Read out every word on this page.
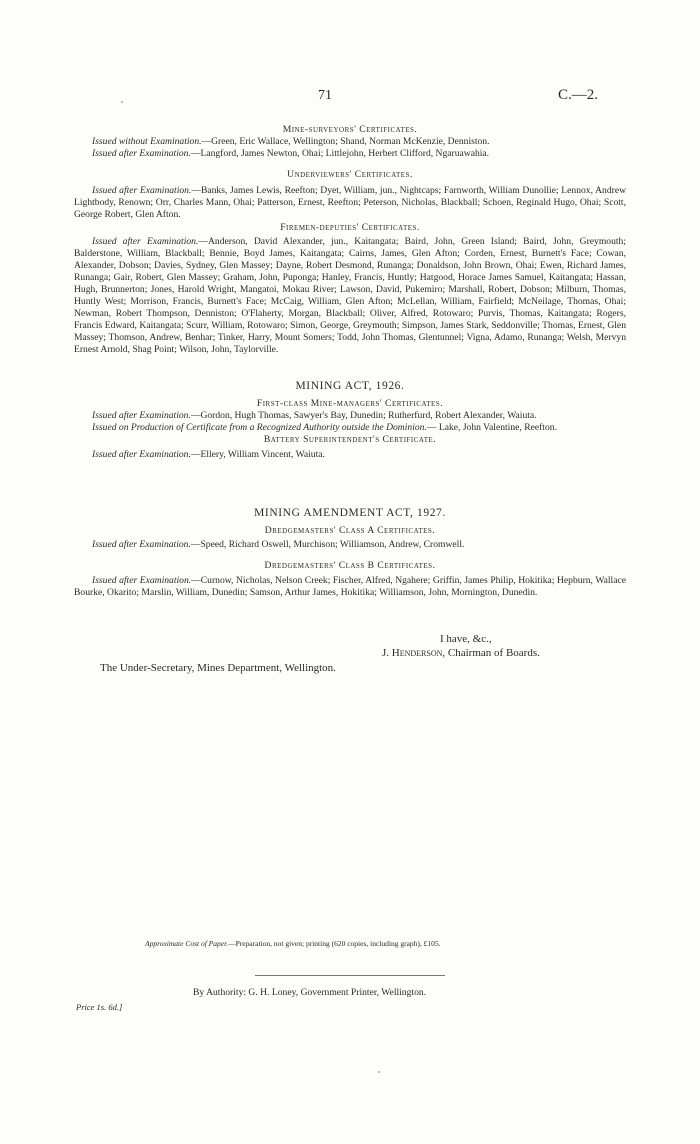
71	C.—2.

Mine-surveyors' Certificates.

Issued without Examination.—Green, Eric Wallace, Wellington; Shand, Norman McKenzie, Denniston.

Issued after Examination.—Langford, James Newton, Ohai; Littlejohn, Herbert Clifford, Ngaruawahia.

Underviewers' Certificates.

Issued after Examination.—Banks, James Lewis, Reefton; Dyet, William, jun., Nightcaps; Farnworth, William Dunollie; Lennox, Andrew Lightbody, Renown; Orr, Charles Mann, Ohai; Patterson, Ernest, Reefton; Peterson, Nicholas, Blackball; Schoen, Reginald Hugo, Ohai; Scott, George Robert, Glen Afton.

Firemen-deputies' Certificates.

Issued after Examination.—Anderson, David Alexander, jun., Kaitangata; Baird, John, Green Island; Baird, John, Greymouth; Balderstone, William, Blackball; Bennie, Boyd James, Kaitangata; Cairns, James, Glen Afton; Corden, Ernest, Burnett's Face; Cowan, Alexander, Dobson; Davies, Sydney, Glen Massey; Dayne, Robert Desmond, Runanga; Donaldson, John Brown, Ohai; Ewen, Richard James, Runanga; Gair, Robert, Glen Massey; Graham, John, Puponga; Hanley, Francis, Huntly; Hatgood, Horace James Samuel, Kaitangata; Hassan, Hugh, Brunnerton; Jones, Harold Wright, Mangatoi, Mokau River; Lawson, David, Pukemiro; Marshall, Robert, Dobson; Milburn, Thomas, Huntly West; Morrison, Francis, Burnett's Face; McCaig, William, Glen Afton; McLellan, William, Fairfield; McNeilage, Thomas, Ohai; Newman, Robert Thompson, Denniston; O'Flaherty, Morgan, Blackball; Oliver, Alfred, Rotowaro; Purvis, Thomas, Kaitangata; Rogers, Francis Edward, Kaitangata; Scurr, William, Rotowaro; Simon, George, Greymouth; Simpson, James Stark, Seddonville; Thomas, Ernest, Glen Massey; Thomson, Andrew, Benhar; Tinker, Harry, Mount Somers; Todd, John Thomas, Glentunnel; Vigna, Adamo, Runanga; Welsh, Mervyn Ernest Arnold, Shag Point; Wilson, John, Taylorville.

MINING ACT, 1926.

First-class Mine-managers' Certificates.

Issued after Examination.—Gordon, Hugh Thomas, Sawyer's Bay, Dunedin; Rutherfurd, Robert Alexander, Waiuta.

Issued on Production of Certificate from a Recognized Authority outside the Dominion.— Lake, John Valentine, Reefton.

Battery Superintendent's Certificate.

Issued after Examination.—Ellery, William Vincent, Waiuta.

MINING AMENDMENT ACT, 1927.

Dredgemasters' Class A Certificates.

Issued after Examination.—Speed, Richard Oswell, Murchison; Williamson, Andrew, Cromwell.

Dredgemasters' Class B Certificates.

Issued after Examination.—Curnow, Nicholas, Nelson Creek; Fischer, Alfred, Ngahere; Griffin, James Philip, Hokitika; Hepburn, Wallace Bourke, Okarito; Marslin, William, Dunedin; Samson, Arthur James, Hokitika; Williamson, John, Mornington, Dunedin.

I have, &c.,
J. Henderson, Chairman of Boards.
The Under-Secretary, Mines Department, Wellington.
Approximate Cost of Paper.—Preparation, not given; printing (620 copies, including graph), £105.
By Authority: G. H. Loney, Government Printer, Wellington.
Price 1s. 6d.]
